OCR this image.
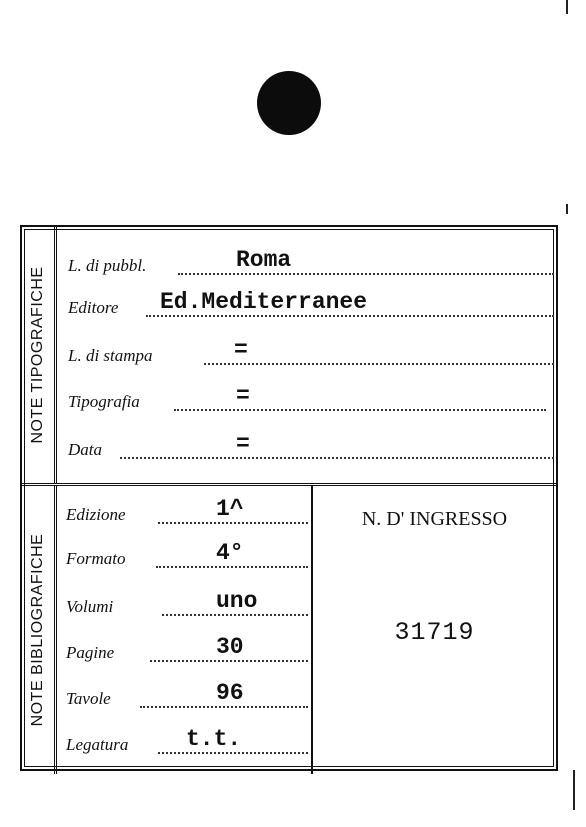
NOTE TIPOGRAFICHE
L. di pubbl.	Roma
Editore Ed.Mediterranee
L. di stampa	=
Tipografia	=
Data	=
NOTE BIBLIOGRAFICHE
Edizione	1^
Formato	4°
Volumi	uno
Pagine	30
Tavole	96
Legatura	t.t.
N. D' INGRESSO
31719
